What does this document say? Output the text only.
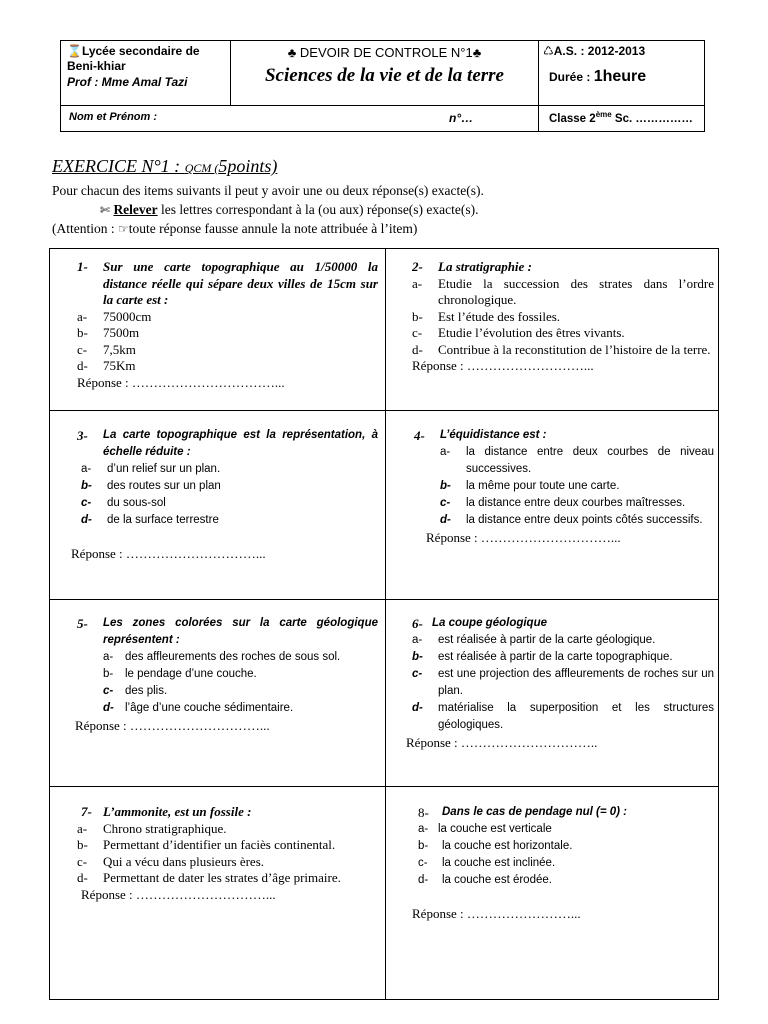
⌛Lycée secondaire de Beni-khiar
Prof : Mme Amal Tazi
♣ DEVOIR DE CONTROLE N°1♣
Sciences de la vie et de la terre
♺A.S. : 2012-2013
Durée : 1heure
Nom et Prénom :	n°…	Classe 2ème Sc. ……………
EXERCICE N°1 : QCM (5points)
Pour chacun des items suivants il peut y avoir une ou deux réponse(s) exacte(s).
✄ Relever les lettres correspondant à la (ou aux) réponse(s) exacte(s).
(Attention : ☞toute réponse fausse annule la note attribuée à l’item)
1-	Sur une carte topographique au 1/50000 la distance réelle qui sépare deux villes de 15cm sur la carte est :
a-	75000cm
b-	7500m
c-	7,5km
d-	75Km
Réponse : ……………………………...
2-	La stratigraphie :
a-	Etudie la succession des strates dans l’ordre chronologique.
b-	Est l’étude des fossiles.
c-	Etudie l’évolution des êtres vivants.
d-	Contribue à la reconstitution de l’histoire de la terre.
Réponse : ………………………...
3-	La carte topographique est la représentation, à échelle réduite :
a-	d’un relief sur un plan.
b-	des routes sur un plan
c-	du sous-sol
d-	de la surface terrestre
Réponse : …………………………...
4-	L’équidistance est :
a-	la distance entre deux courbes de niveau successives.
b-	la même pour toute une carte.
c-	la distance entre deux courbes maîtresses.
d-	la distance entre deux points côtés successifs.
Réponse : …………………………...
5-	Les zones colorées sur la carte géologique représentent :
a-	des affleurements des roches de sous sol.
b-	le pendage d’une couche.
c-	des plis.
d- l’âge d’une couche sédimentaire.
Réponse : …………………………...
6- La coupe géologique
a-	est réalisée à partir de la carte géologique.
b-	est réalisée à partir de la carte topographique.
c-	est une projection des affleurements de roches sur un plan.
d-	matérialise la superposition et les structures géologiques.
Réponse : …………………………..
7- L’ammonite, est un fossile :
a-	Chrono stratigraphique.
b-	Permettant d’identifier un faciès continental.
c-	Qui a vécu dans plusieurs ères.
d-	Permettant de dater les strates d’âge primaire.
Réponse : …………………………...
8-	Dans le cas de pendage nul (= 0) :
a- la couche est verticale
b-	la couche est horizontale.
c-	la couche est inclinée.
d-	la couche est érodée.
Réponse : ……………………...
